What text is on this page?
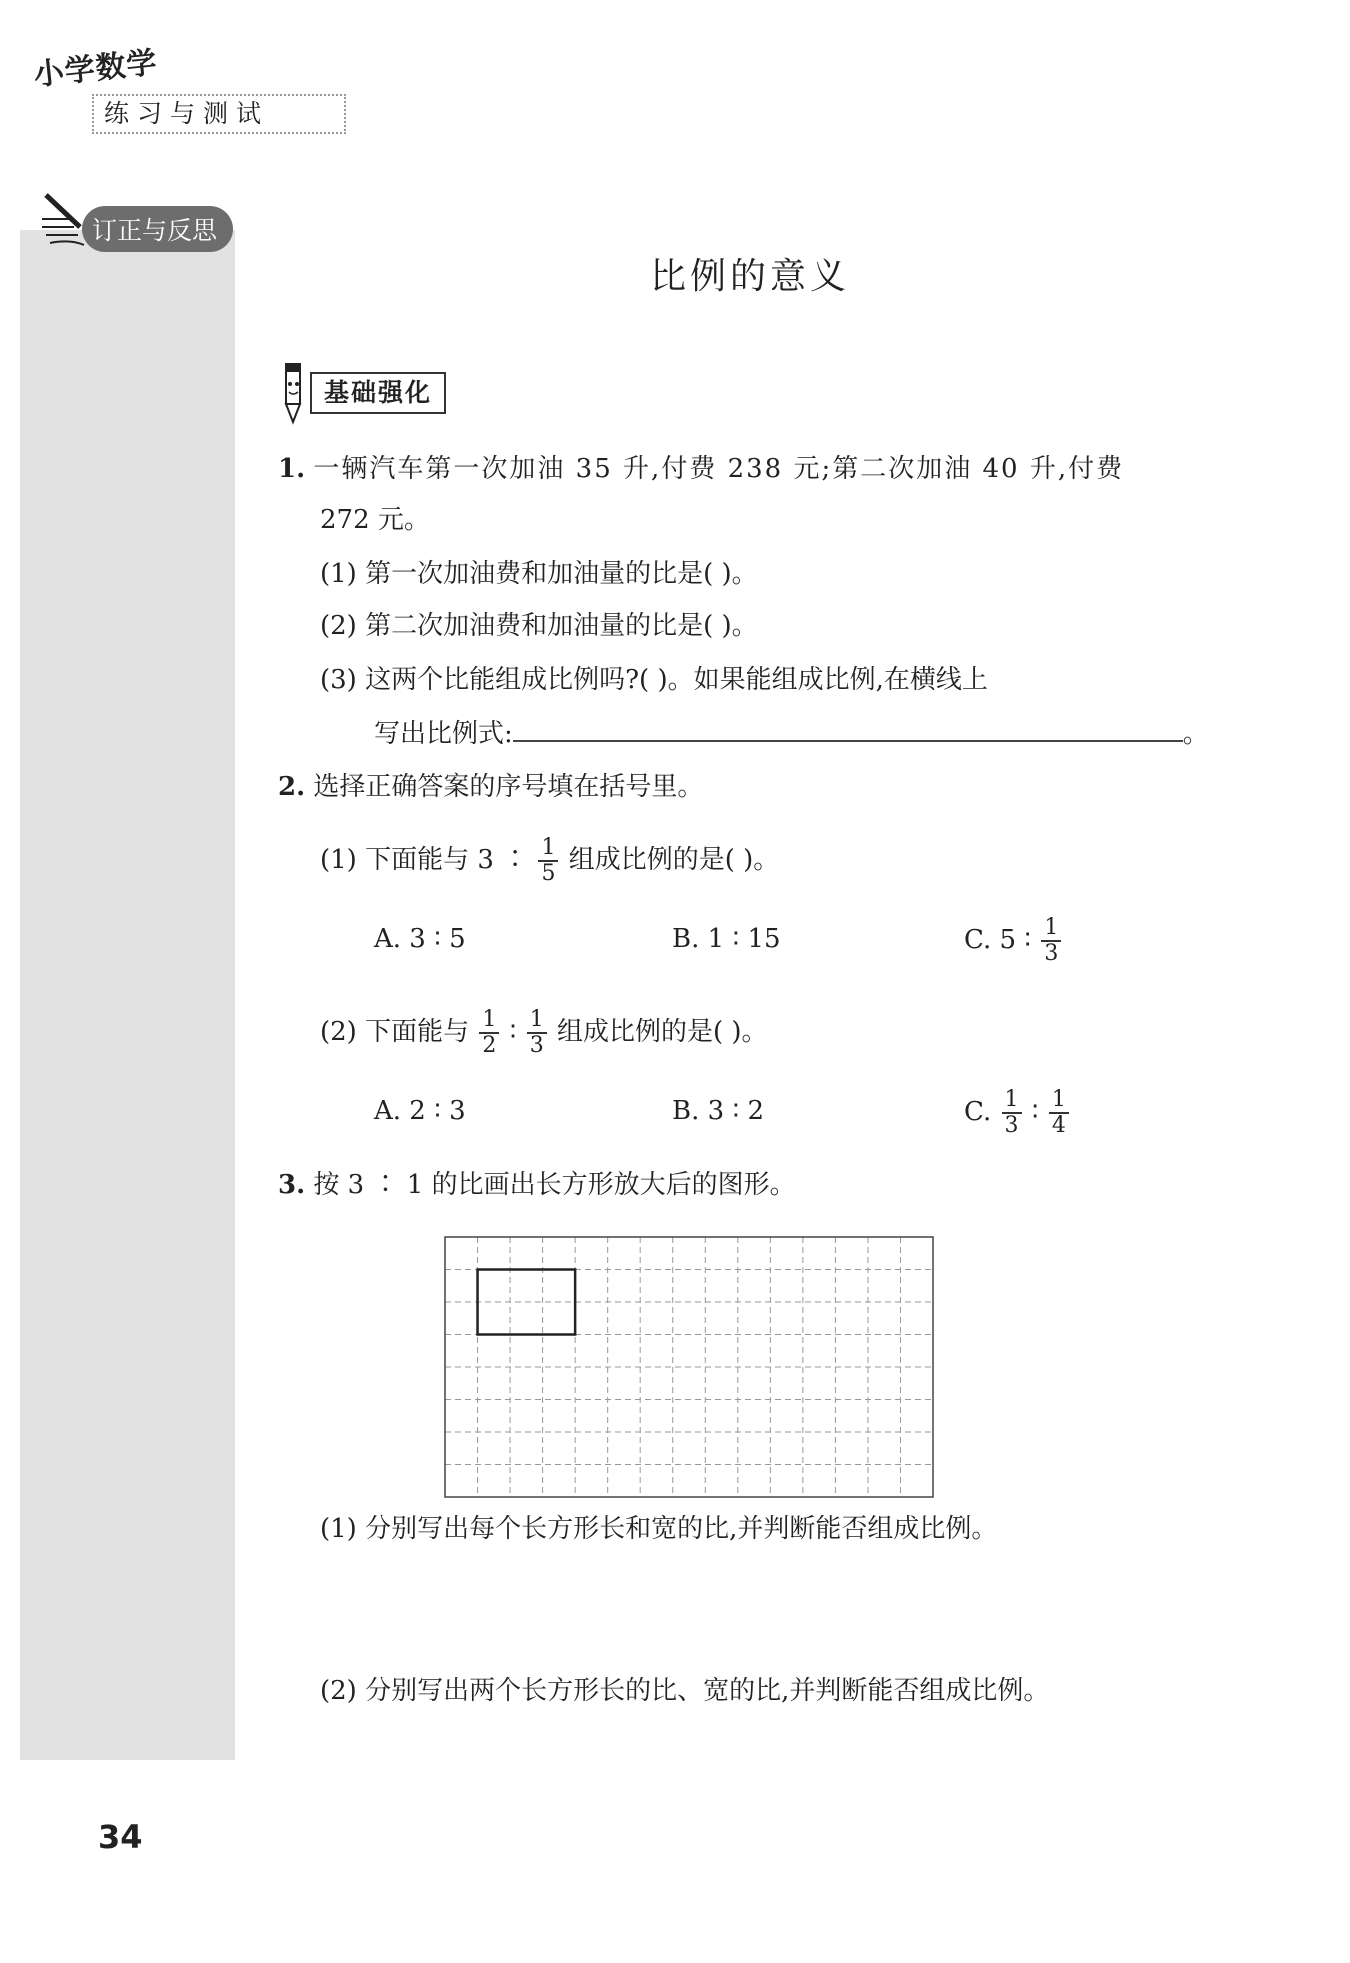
小学数学
练习与测试
订正与反思
比例的意义
基础强化
1. 一辆汽车第一次加油 35 升,付费 238 元;第二次加油 40 升,付费
272 元。
(1) 第一次加油费和加油量的比是( )。
(2) 第二次加油费和加油量的比是( )。
(3) 这两个比能组成比例吗?( )。如果能组成比例,在横线上
写出比例式:	。
2. 选择正确答案的序号填在括号里。
(1) 下面能与 3 ∶ $\frac{1}{5}$ 组成比例的是( )。
A. 3 ∶ 5	B. 1 ∶ 15	C. 5 ∶ $\frac{1}{3}$
(2) 下面能与 $\frac{1}{2}$ ∶ $\frac{1}{3}$ 组成比例的是( )。
A. 2 ∶ 3	B. 3 ∶ 2	C. $\frac{1}{3}$ ∶ $\frac{1}{4}$
3. 按 3 ∶ 1 的比画出长方形放大后的图形。
(1) 分别写出每个长方形长和宽的比,并判断能否组成比例。
(2) 分别写出两个长方形长的比、宽的比,并判断能否组成比例。
34
